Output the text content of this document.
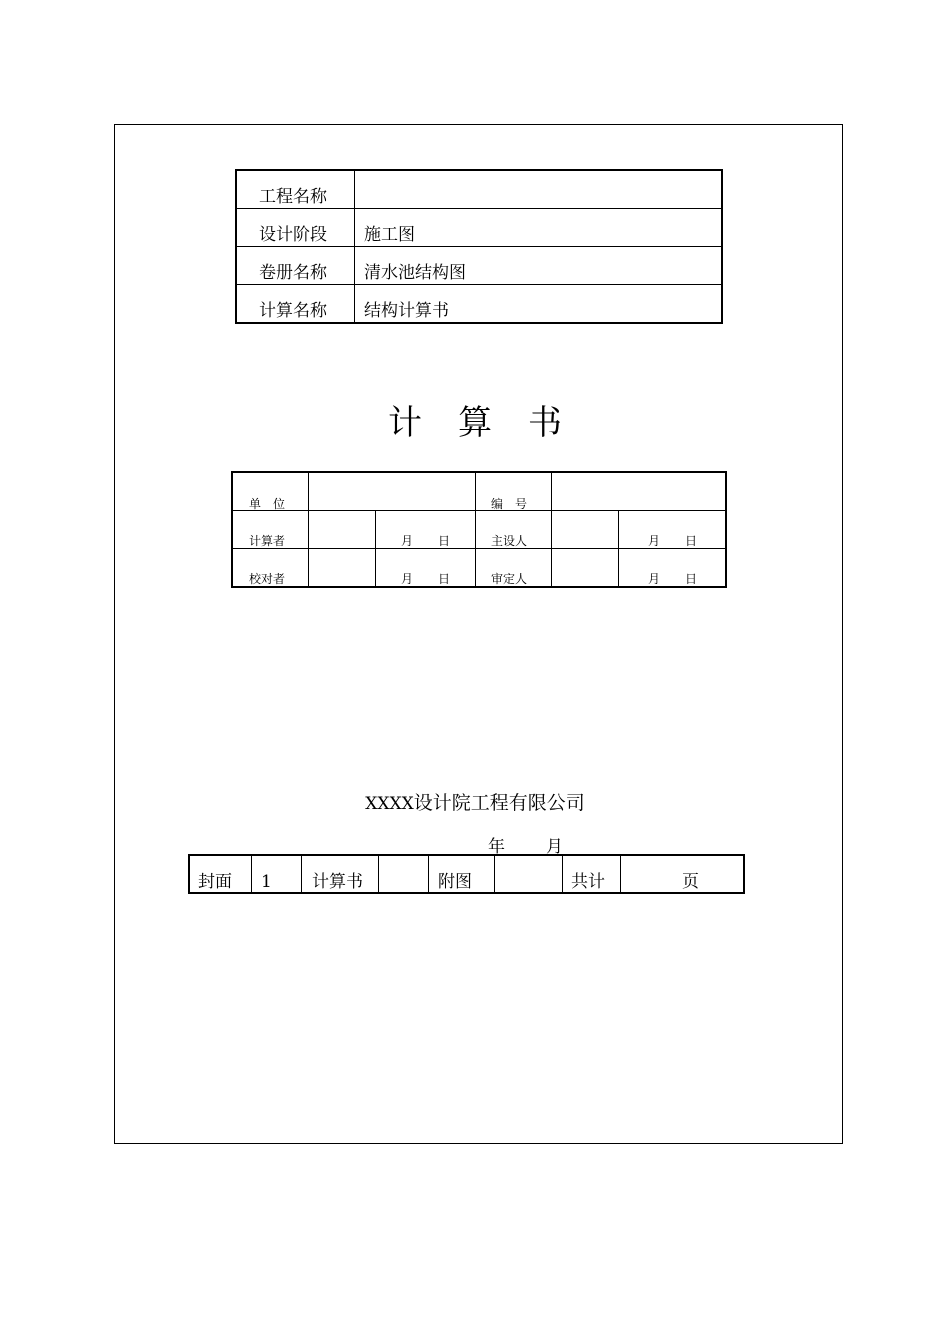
工程名称
设计阶段 施工图
卷册名称 清水池结构图
计算名称 结构计算书
计算书
单　位	编　号
计算者	月 日	主设人	月 日
校对者	月 日	审定人	月 日
XXXX设计院工程有限公司
年 月
封面 1 计算书	附图	共计	页
